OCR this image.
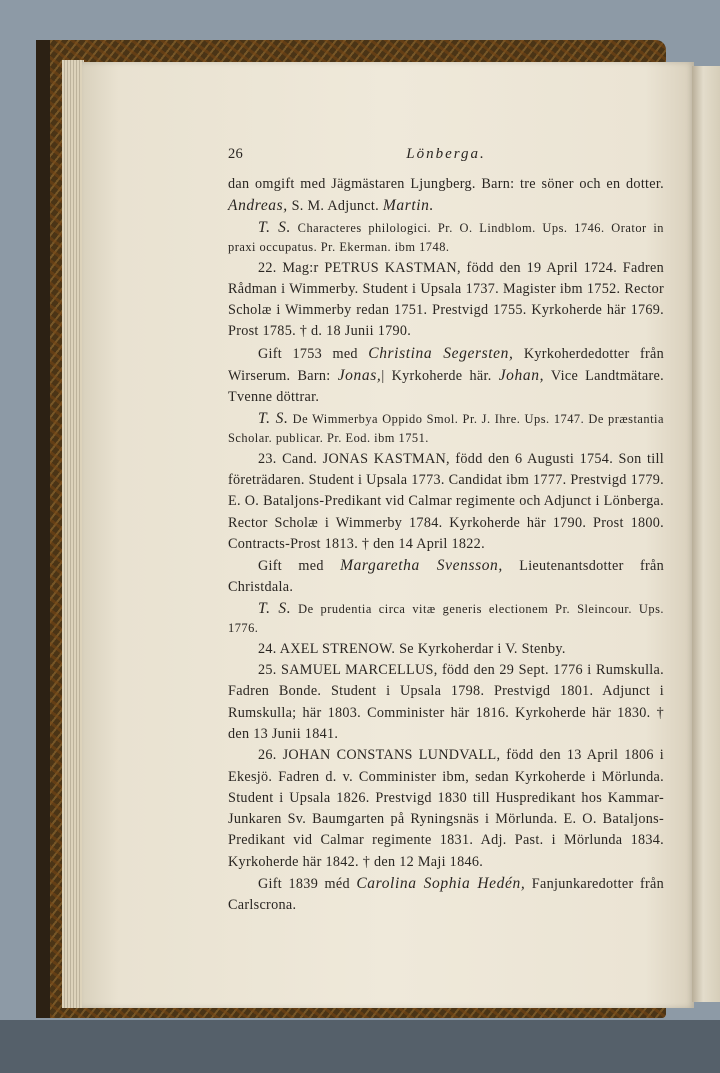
26	Lönberga.

dan omgift med Jägmästaren Ljungberg. Barn: tre söner och en dotter. Andreas, S. M. Adjunct. Martin.

T. S. Characteres philologici. Pr. O. Lindblom. Ups. 1746. Orator in praxi occupatus. Pr. Ekerman. ibm 1748.

22. Mag:r PETRUS KASTMAN, född den 19 April 1724. Fadren Rådman i Wimmerby. Student i Upsala 1737. Magister ibm 1752. Rector Scholæ i Wimmerby redan 1751. Prestvigd 1755. Kyrkoherde här 1769. Prost 1785. † d. 18 Junii 1790.

Gift 1753 med Christina Segersten, Kyrkoherdedotter från Wirserum. Barn: Jonas,| Kyrkoherde här. Johan, Vice Landtmätare. Tvenne döttrar.

T. S. De Wimmerbya Oppido Smol. Pr. J. Ihre. Ups. 1747. De præstantia Scholar. publicar. Pr. Eod. ibm 1751.

23. Cand. JONAS KASTMAN, född den 6 Augusti 1754. Son till företrädaren. Student i Upsala 1773. Candidat ibm 1777. Prestvigd 1779. E. O. Bataljons-Predikant vid Calmar regimente och Adjunct i Lönberga. Rector Scholæ i Wimmerby 1784. Kyrkoherde här 1790. Prost 1800. Contracts-Prost 1813. † den 14 April 1822.

Gift med Margaretha Svensson, Lieutenantsdotter från Christdala.

T. S. De prudentia circa vitæ generis electionem Pr. Sleincour. Ups. 1776.

24. AXEL STRENOW. Se Kyrkoherdar i V. Stenby.

25. SAMUEL MARCELLUS, född den 29 Sept. 1776 i Rumskulla. Fadren Bonde. Student i Upsala 1798. Prestvigd 1801. Adjunct i Rumskulla; här 1803. Comminister här 1816. Kyrkoherde här 1830. † den 13 Junii 1841.

26. JOHAN CONSTANS LUNDVALL, född den 13 April 1806 i Ekesjö. Fadren d. v. Comminister ibm, sedan Kyrkoherde i Mörlunda. Student i Upsala 1826. Prestvigd 1830 till Huspredikant hos Kammar-Junkaren Sv. Baumgarten på Ryningsnäs i Mörlunda. E. O. Bataljons-Predikant vid Calmar regimente 1831. Adj. Past. i Mörlunda 1834. Kyrkoherde här 1842. † den 12 Maji 1846.

Gift 1839 méd Carolina Sophia Hedén, Fanjunkaredotter från Carlscrona.
